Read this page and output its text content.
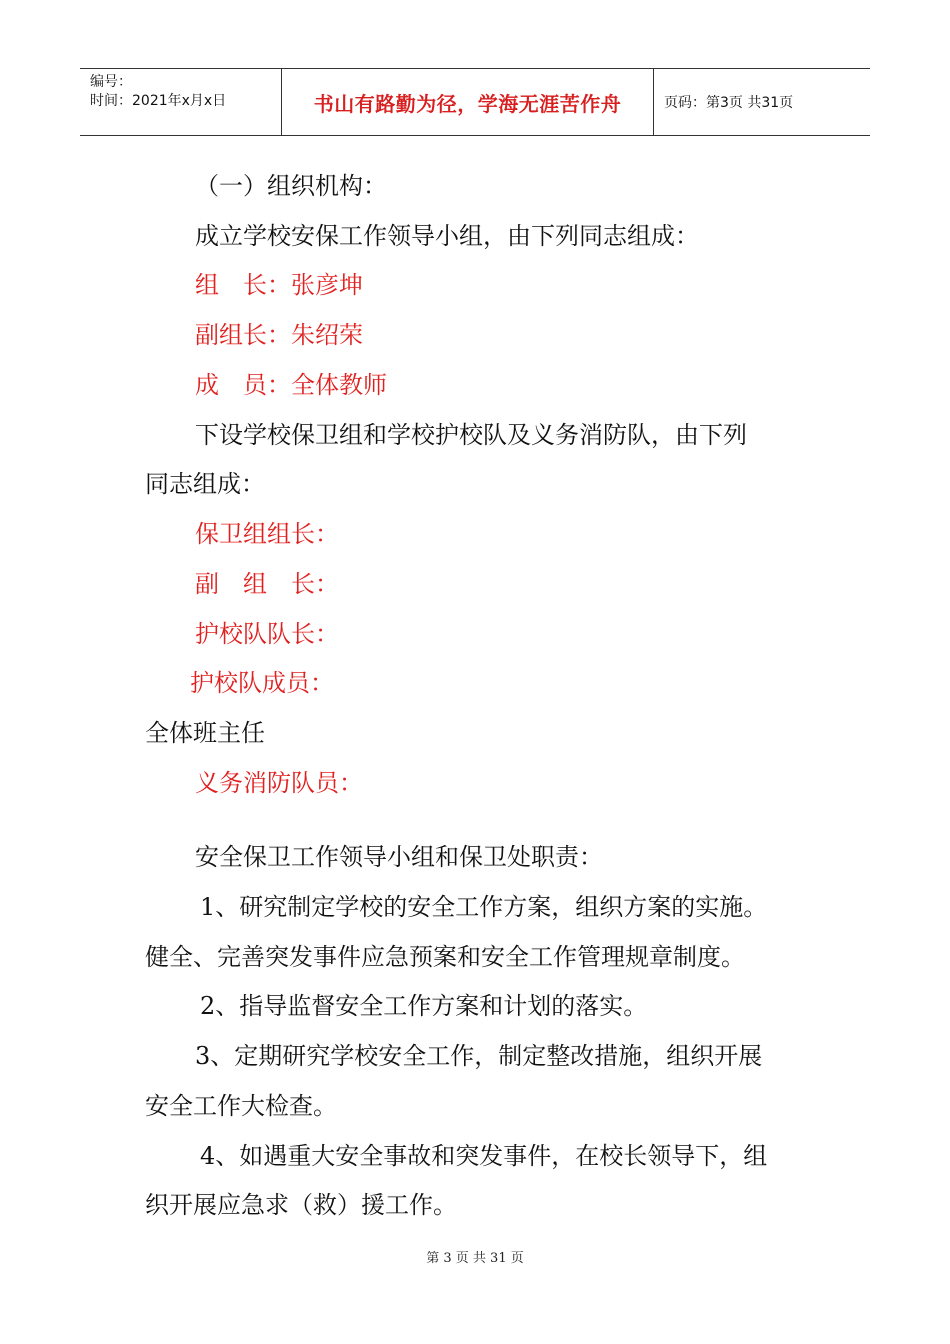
编号：
时间：2021年x月x日	书山有路勤为径，学海无涯苦作舟	页码：第3页 共31页
（一）组织机构：
成立学校安保工作领导小组，由下列同志组成：
组　长：张彦坤
副组长：朱绍荣
成　员：全体教师
下设学校保卫组和学校护校队及义务消防队，由下列
同志组成：
保卫组组长：
副　组　长：
护校队队长：
护校队成员：
全体班主任
义务消防队员：
安全保卫工作领导小组和保卫处职责：
1、研究制定学校的安全工作方案，组织方案的实施。
健全、完善突发事件应急预案和安全工作管理规章制度。
2、指导监督安全工作方案和计划的落实。
3、定期研究学校安全工作，制定整改措施，组织开展
安全工作大检查。
4、如遇重大安全事故和突发事件，在校长领导下，组
织开展应急求（救）援工作。
第 3 页 共 31 页
